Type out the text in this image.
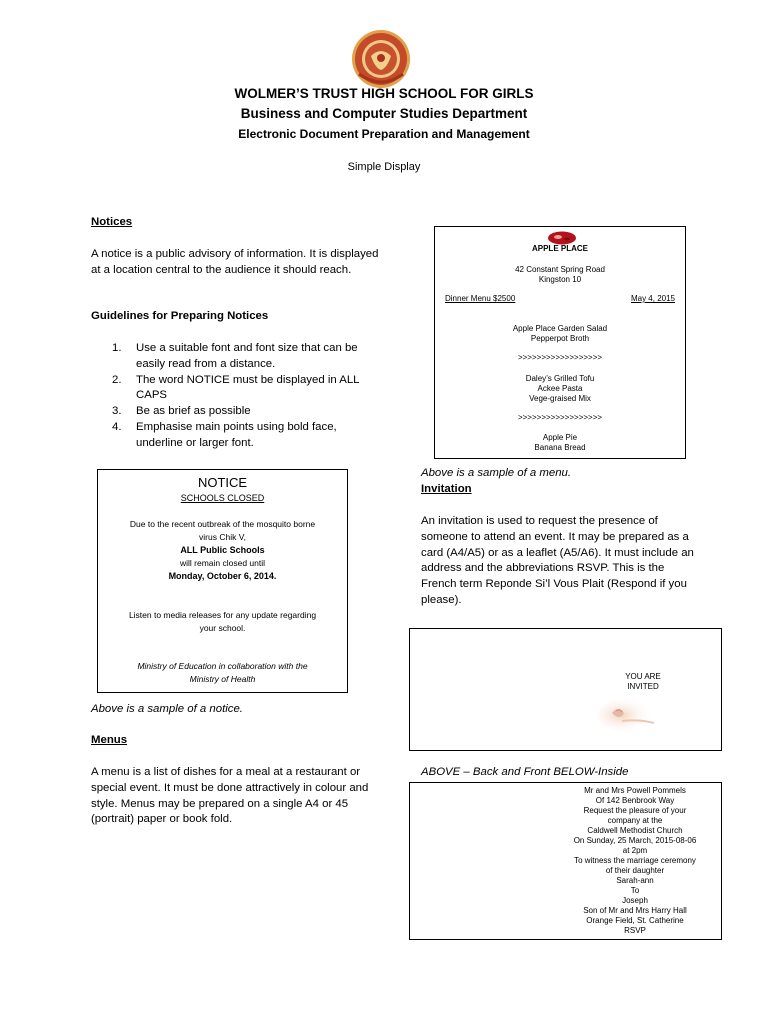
WOLMER’S TRUST HIGH SCHOOL FOR GIRLS
Business and Computer Studies Department
Electronic Document Preparation and Management
Simple Display
Notices
A notice is a public advisory of information. It is displayed at a location central to the audience it should reach.
Guidelines for Preparing Notices
1. Use a suitable font and font size that can be easily read from a distance.
2. The word NOTICE must be displayed in ALL CAPS
3. Be as brief as possible
4. Emphasise main points using bold face, underline or larger font.
NOTICE
SCHOOLS CLOSED
Due to the recent outbreak of the mosquito borne
virus Chik V,
ALL Public Schools
will remain closed until
Monday, October 6, 2014.
Listen to media releases for any update regarding
your school.
Ministry of Education in collaboration with the
Ministry of Health
Above is a sample of a notice.
Menus
A menu is a list of dishes for a meal at a restaurant or special event. It must be done attractively in colour and style. Menus may be prepared on a single A4 or 45 (portrait) paper or book fold.
APPLE PLACE
42 Constant Spring Road
Kingston 10
Dinner Menu $2500	May 4, 2015
Apple Place Garden Salad
Pepperpot Broth
>>>>>>>>>>>>>>>>>>
Daley’s Grilled Tofu
Ackee Pasta
Vege-graised Mix
>>>>>>>>>>>>>>>>>>
Apple Pie
Banana Bread
Above is a sample of a menu.
Invitation
An invitation is used to request the presence of someone to attend an event. It may be prepared as a card (A4/A5) or as a leaflet (A5/A6). It must include an address and the abbreviations RSVP. This is the French term Reponde Si’l Vous Plait (Respond if you please).
YOU ARE
INVITED
ABOVE – Back and Front BELOW-Inside
Mr and Mrs Powell Pommels
Of 142 Benbrook Way
Request the pleasure of your
company at the
Caldwell Methodist Church
On Sunday, 25 March, 2015-08-06
at 2pm
To witness the marriage ceremony
of their daughter
Sarah-ann
To
Joseph
Son of Mr and Mrs Harry Hall
Orange Field, St. Catherine
RSVP
